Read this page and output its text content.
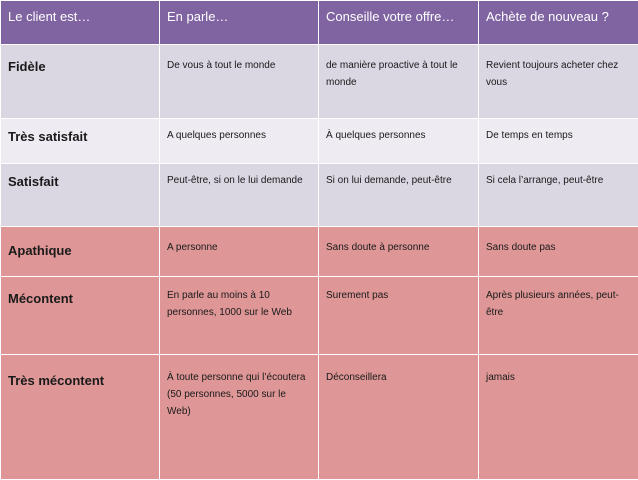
Le client est…	En parle…	Conseille votre offre…	Achète de nouveau ?
Fidèle	De vous à tout le monde	de manière proactive à tout le monde	Revient toujours acheter chez vous
Très satisfait	A quelques personnes	À quelques personnes	De temps en temps
Satisfait	Peut-être, si on le lui demande	Si on lui demande, peut-être	Si cela l’arrange, peut-être
Apathique	A personne	Sans doute à personne	Sans doute pas
Mécontent	En parle au moins à 10 personnes, 1000 sur le Web	Surement pas	Après plusieurs années, peut-être
Très mécontent	À toute personne qui l’écoutera (50 personnes, 5000 sur le Web)	Déconseillera	jamais
